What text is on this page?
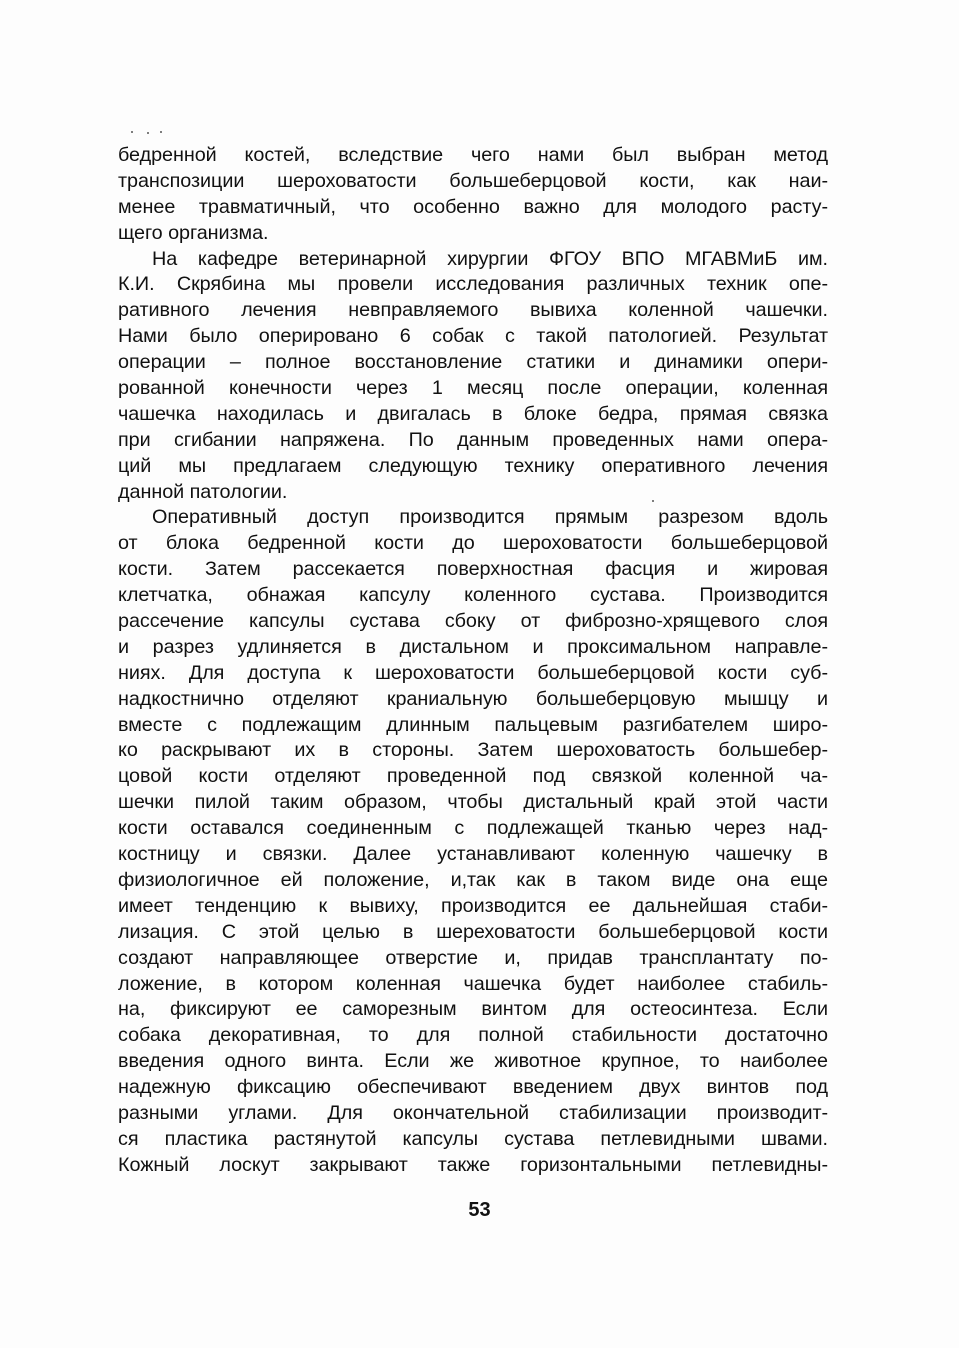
бедренной костей, вследствие чего нами был выбран метод
транспозиции шероховатости большеберцовой кости, как наи-
менее травматичный, что особенно важно для молодого расту-
щего организма.
На кафедре ветеринарной хирургии ФГОУ ВПО МГАВМиБ им.
К.И. Скрябина мы провели исследования различных техник опе-
ративного лечения невправляемого вывиха коленной чашечки.
Нами было оперировано 6 собак с такой патологией. Результат
операции – полное восстановление статики и динамики опери-
рованной конечности через 1 месяц после операции, коленная
чашечка находилась и двигалась в блоке бедра, прямая связка
при сгибании напряжена. По данным проведенных нами опера-
ций мы предлагаем следующую технику оперативного лечения
данной патологии.
Оперативный доступ производится прямым разрезом вдоль
от блока бедренной кости до шероховатости большеберцовой
кости. Затем рассекается поверхностная фасция и жировая
клетчатка, обнажая капсулу коленного сустава. Производится
рассечение капсулы сустава сбоку от фиброзно-хрящевого слоя
и разрез удлиняется в дистальном и проксимальном направле-
ниях. Для доступа к шероховатости большеберцовой кости суб-
надкостнично отделяют краниальную большеберцовую мышцу и
вместе с подлежащим длинным пальцевым разгибателем широ-
ко раскрывают их в стороны. Затем шероховатость большебер-
цовой кости отделяют проведенной под связкой коленной ча-
шечки пилой таким образом, чтобы дистальный край этой части
кости оставался соединенным с подлежащей тканью через над-
костницу и связки. Далее устанавливают коленную чашечку в
физиологичное ей положение, и,так как в таком виде она еще
имеет тенденцию к вывиху, производится ее дальнейшая стаби-
лизация. С этой целью в шереховатости большеберцовой кости
создают направляющее отверстие и, придав трансплантату по-
ложение, в котором коленная чашечка будет наиболее стабиль-
на, фиксируют ее саморезным винтом для остеосинтеза. Если
собака декоративная, то для полной стабильности достаточно
введения одного винта. Если же животное крупное, то наиболее
надежную фиксацию обеспечивают введением двух винтов под
разными углами. Для окончательной стабилизации производит-
ся пластика растянутой капсулы сустава петлевидными швами.
Кожный лоскут закрывают также горизонтальными петлевидны-
53
